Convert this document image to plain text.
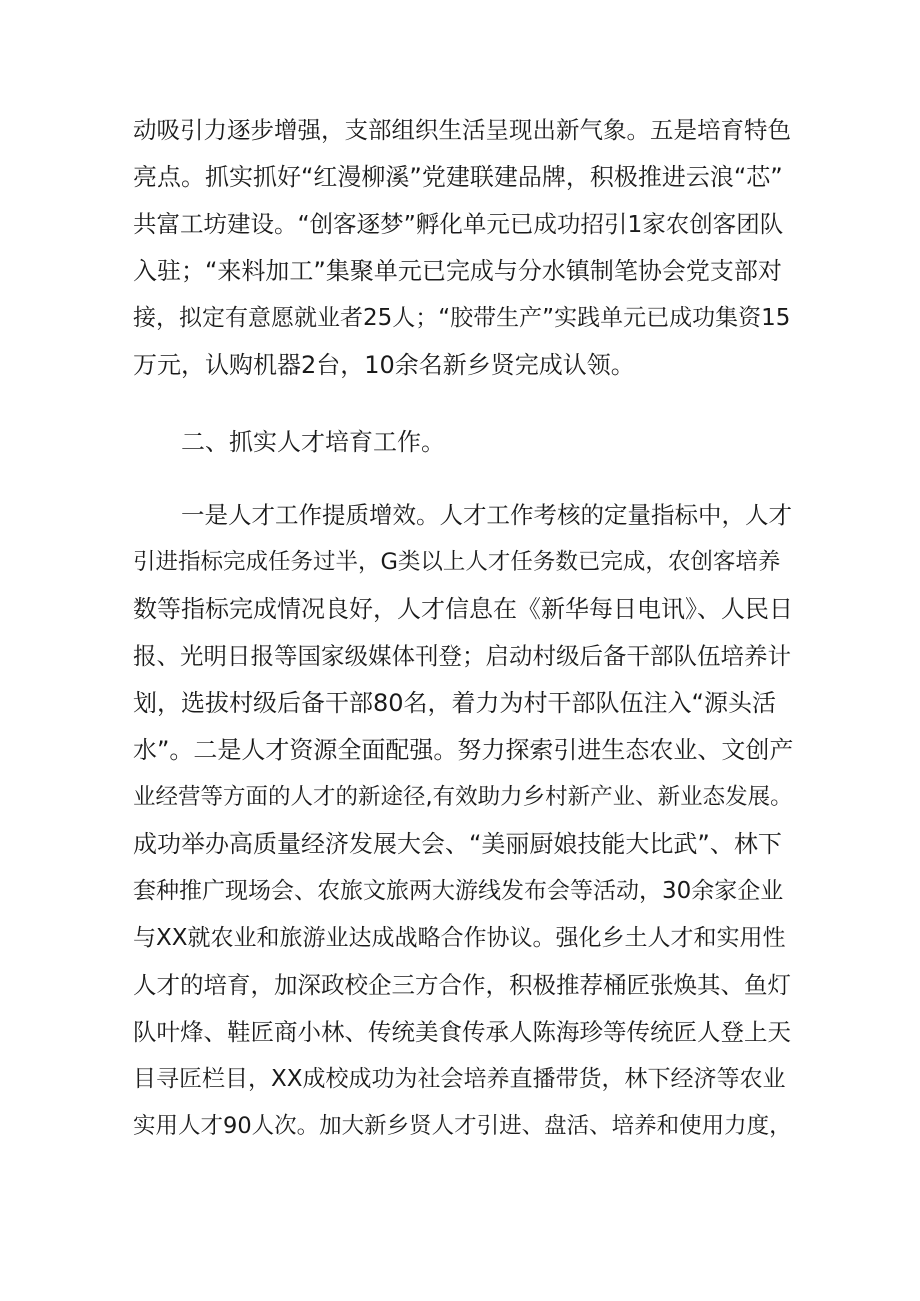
动吸引力逐步增强，支部组织生活呈现出新气象。五是培育特色
亮点。抓实抓好“红漫柳溪”党建联建品牌，积极推进云浪“芯”
共富工坊建设。“创客逐梦”孵化单元已成功招引1家农创客团队
入驻；“来料加工”集聚单元已完成与分水镇制笔协会党支部对
接，拟定有意愿就业者25人；“胶带生产”实践单元已成功集资15
万元，认购机器2台，10余名新乡贤完成认领。
二、抓实人才培育工作。
一是人才工作提质增效。人才工作考核的定量指标中，人才
引进指标完成任务过半，G类以上人才任务数已完成，农创客培养
数等指标完成情况良好，人才信息在《新华每日电讯》、人民日
报、光明日报等国家级媒体刊登；启动村级后备干部队伍培养计
划，选拔村级后备干部80名，着力为村干部队伍注入“源头活
水”。二是人才资源全面配强。努力探索引进生态农业、文创产
业经营等方面的人才的新途径,有效助力乡村新产业、新业态发展。
成功举办高质量经济发展大会、“美丽厨娘技能大比武”、林下
套种推广现场会、农旅文旅两大游线发布会等活动，30余家企业
与XX就农业和旅游业达成战略合作协议。强化乡土人才和实用性
人才的培育，加深政校企三方合作，积极推荐桶匠张焕其、鱼灯
队叶烽、鞋匠商小林、传统美食传承人陈海珍等传统匠人登上天
目寻匠栏目，XX成校成功为社会培养直播带货，林下经济等农业
实用人才90人次。加大新乡贤人才引进、盘活、培养和使用力度，
